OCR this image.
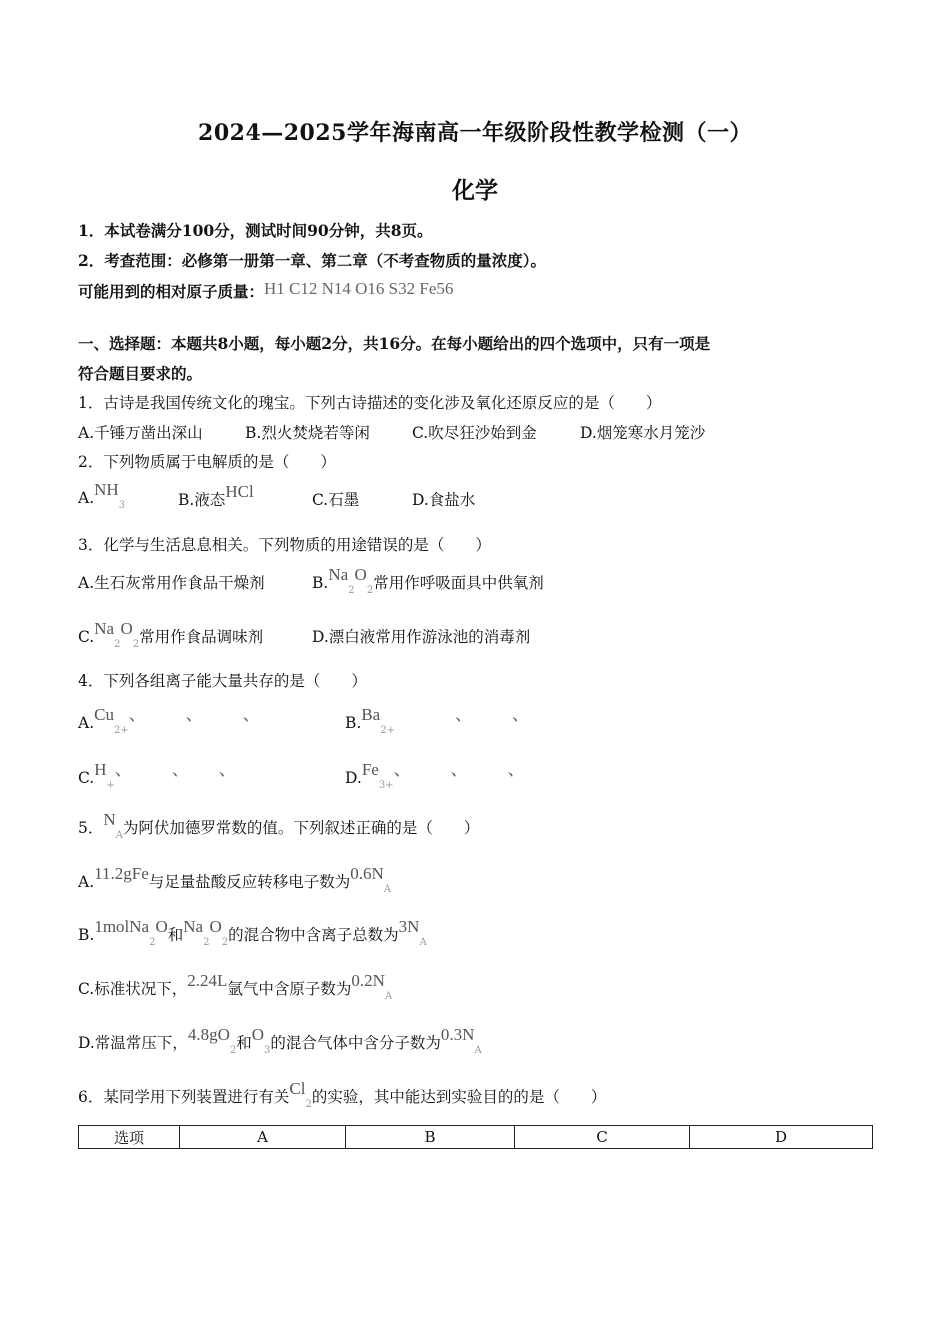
2024—2025学年海南高一年级阶段性教学检测（一）
化学
1．本试卷满分100分，测试时间90分钟，共8页。
2．考查范围：必修第一册第一章、第二章（不考查物质的量浓度）。
可能用到的相对原子质量：H1 C12 N14 O16 S32 Fe56
一、选择题：本题共8小题，每小题2分，共16分。在每小题给出的四个选项中，只有一项是
符合题目要求的。
1．古诗是我国传统文化的瑰宝。下列古诗描述的变化涉及氧化还原反应的是（　　）
A.千锤万凿出深山	B.烈火焚烧若等闲	C.吹尽狂沙始到金	D.烟笼寒水月笼沙
2．下列物质属于电解质的是（　　）
$A.NH_3$	B.液态HCl	C.石墨	D.食盐水
3．化学与生活息息相关。下列物质的用途错误的是（　　）
A.生石灰常用作食品干燥剂	$B.Na_2O_2$常用作呼吸面具中供氧剂
$C.Na_2O_2$常用作食品调味剂	D.漂白液常用作游泳池的消毒剂
4．下列各组离子能大量共存的是（　　）
$A.Cu_{2+}$、 、 、	$B.Ba_{2+}$、 、
$C.H_+$、 、 、	$D.Fe_{3+}$、 、 、
5．$N_A$为阿伏加德罗常数的值。下列叙述正确的是（　　）
A.11.2gFe与足量盐酸反应转移电子数为$0.6N_A$
B.1molNa$_2$O和$Na_2O_2$的混合物中含离子总数为$3N_A$
C.标准状况下，2.24L氩气中含原子数为$0.2N_A$
D.常温常压下，$4.8gO_2$和$O_3$的混合气体中含分子数为$0.3N_A$
6．某同学用下列装置进行有关$Cl_2$的实验，其中能达到实验目的的是（　　）
选项	A	B	C	D
